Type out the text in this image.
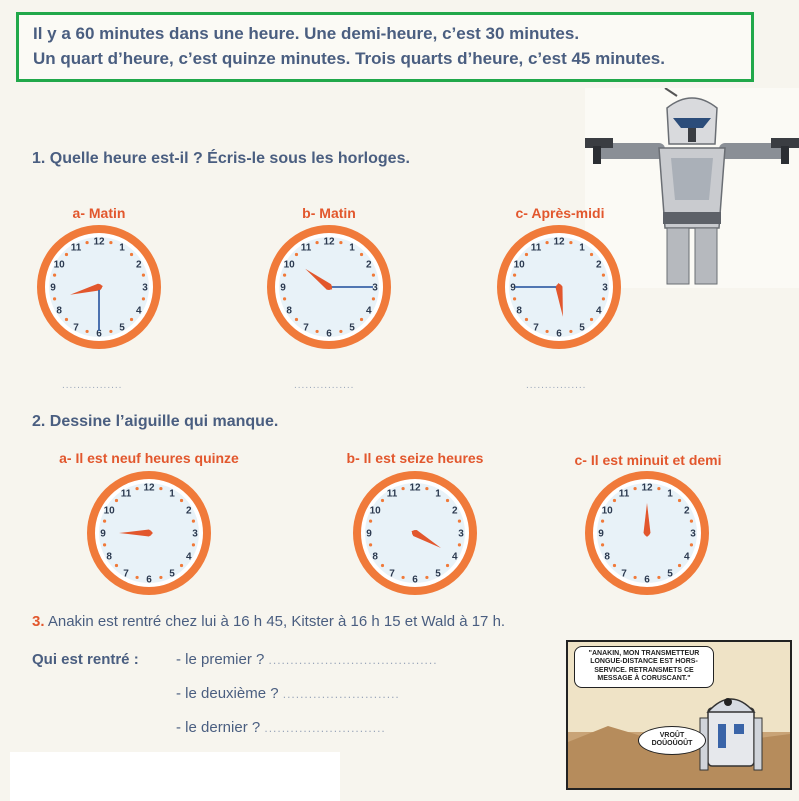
Il y a 60 minutes dans une heure. Une demi-heure, c’est 30 minutes.
Un quart d’heure, c’est quinze minutes. Trois quarts d’heure, c’est 45 minutes.
1. Quelle heure est-il ? Écris-le sous les horloges.
a- Matin	b- Matin	c- Après-midi
12
1
2
3
4
5
6
7
8
9
10
11
12
1
2
3
4
5
6
7
8
9
10
11
12
1
2
3
4
5
6
7
8
9
10
11
................	................	................
2. Dessine l’aiguille qui manque.
a- Il est neuf heures quinze	b- Il est seize heures	c- Il est minuit et demi
12
1
2
3
4
5
6
7
8
9
10
11
12
1
2
3
4
5
6
7
8
9
10
11
12
1
2
3
4
5
6
7
8
9
10
11
3. Anakin est rentré chez lui à 16 h 45, Kitster à 16 h 15 et Wald à 17 h.
Qui est rentré : - le premier ? .......................................
- le deuxième ? ...........................
- le dernier ? ............................
"ANAKIN, MON TRANSMETTEUR LONGUE-DISTANCE EST HORS-SERVICE. RETRANSMETS CE MESSAGE À CORUSCANT."
VROÛT DOÛOÛOÛT
